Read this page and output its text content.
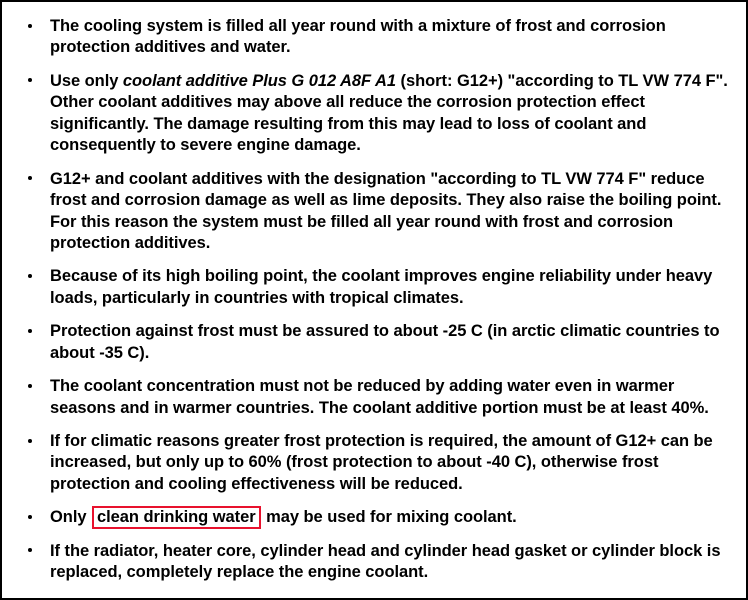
The cooling system is filled all year round with a mixture of frost and corrosion protection additives and water.
Use only coolant additive Plus G 012 A8F A1 (short: G12+) "according to TL VW 774 F". Other coolant additives may above all reduce the corrosion protection effect significantly. The damage resulting from this may lead to loss of coolant and consequently to severe engine damage.
G12+ and coolant additives with the designation "according to TL VW 774 F" reduce frost and corrosion damage as well as lime deposits. They also raise the boiling point. For this reason the system must be filled all year round with frost and corrosion protection additives.
Because of its high boiling point, the coolant improves engine reliability under heavy loads, particularly in countries with tropical climates.
Protection against frost must be assured to about -25 C (in arctic climatic countries to about -35 C).
The coolant concentration must not be reduced by adding water even in warmer seasons and in warmer countries. The coolant additive portion must be at least 40%.
If for climatic reasons greater frost protection is required, the amount of G12+ can be increased, but only up to 60% (frost protection to about -40 C), otherwise frost protection and cooling effectiveness will be reduced.
Only clean drinking water may be used for mixing coolant.
If the radiator, heater core, cylinder head and cylinder head gasket or cylinder block is replaced, completely replace the engine coolant.
